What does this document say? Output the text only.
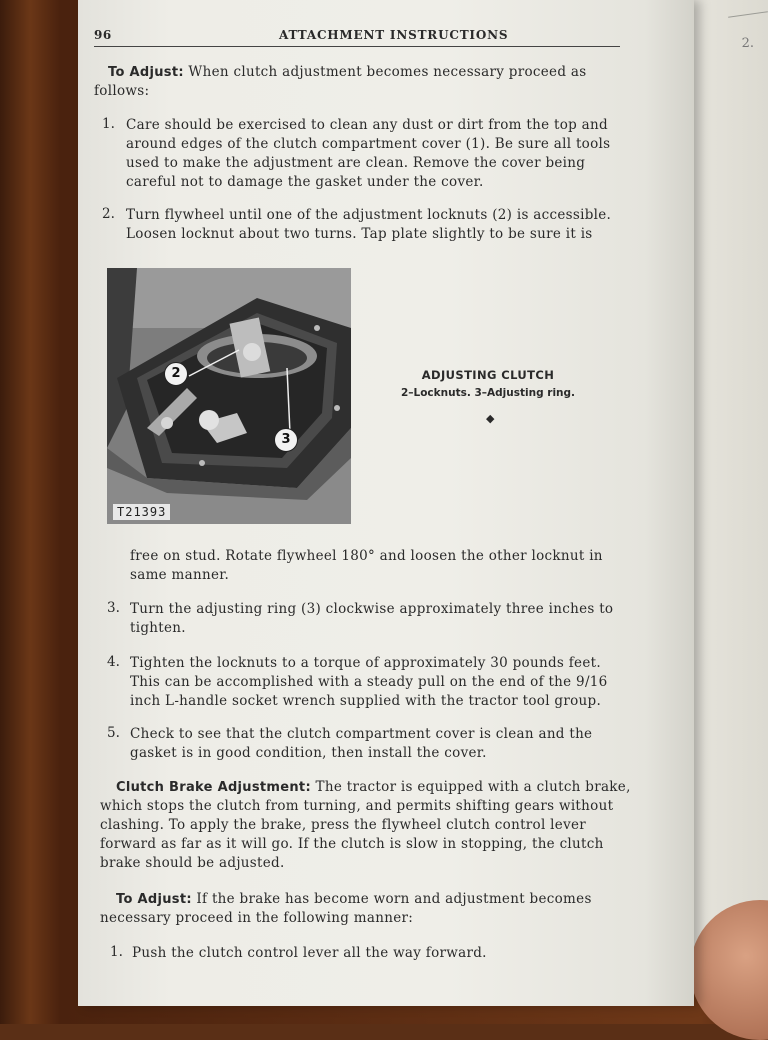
2.
96	ATTACHMENT INSTRUCTIONS
To Adjust: When clutch adjustment becomes necessary proceed as
follows:
1. Care should be exercised to clean any dust or dirt from the top and
around edges of the clutch compartment cover (1). Be sure all tools
used to make the adjustment are clean. Remove the cover being
careful not to damage the gasket under the cover.
2. Turn flywheel until one of the adjustment locknuts (2) is accessible.
Loosen locknut about two turns. Tap plate slightly to be sure it is
2
3
T21393
ADJUSTING CLUTCH
2–Locknuts. 3–Adjusting ring.
◆
free on stud. Rotate flywheel 180° and loosen the other locknut in
same manner.
3. Turn the adjusting ring (3) clockwise approximately three inches to
tighten.
4. Tighten the locknuts to a torque of approximately 30 pounds feet.
This can be accomplished with a steady pull on the end of the 9/16
inch L-handle socket wrench supplied with the tractor tool group.
5. Check to see that the clutch compartment cover is clean and the
gasket is in good condition, then install the cover.
Clutch Brake Adjustment: The tractor is equipped with a clutch brake,
which stops the clutch from turning, and permits shifting gears without
clashing. To apply the brake, press the flywheel clutch control lever
forward as far as it will go. If the clutch is slow in stopping, the clutch
brake should be adjusted.
To Adjust: If the brake has become worn and adjustment becomes
necessary proceed in the following manner:
1. Push the clutch control lever all the way forward.
